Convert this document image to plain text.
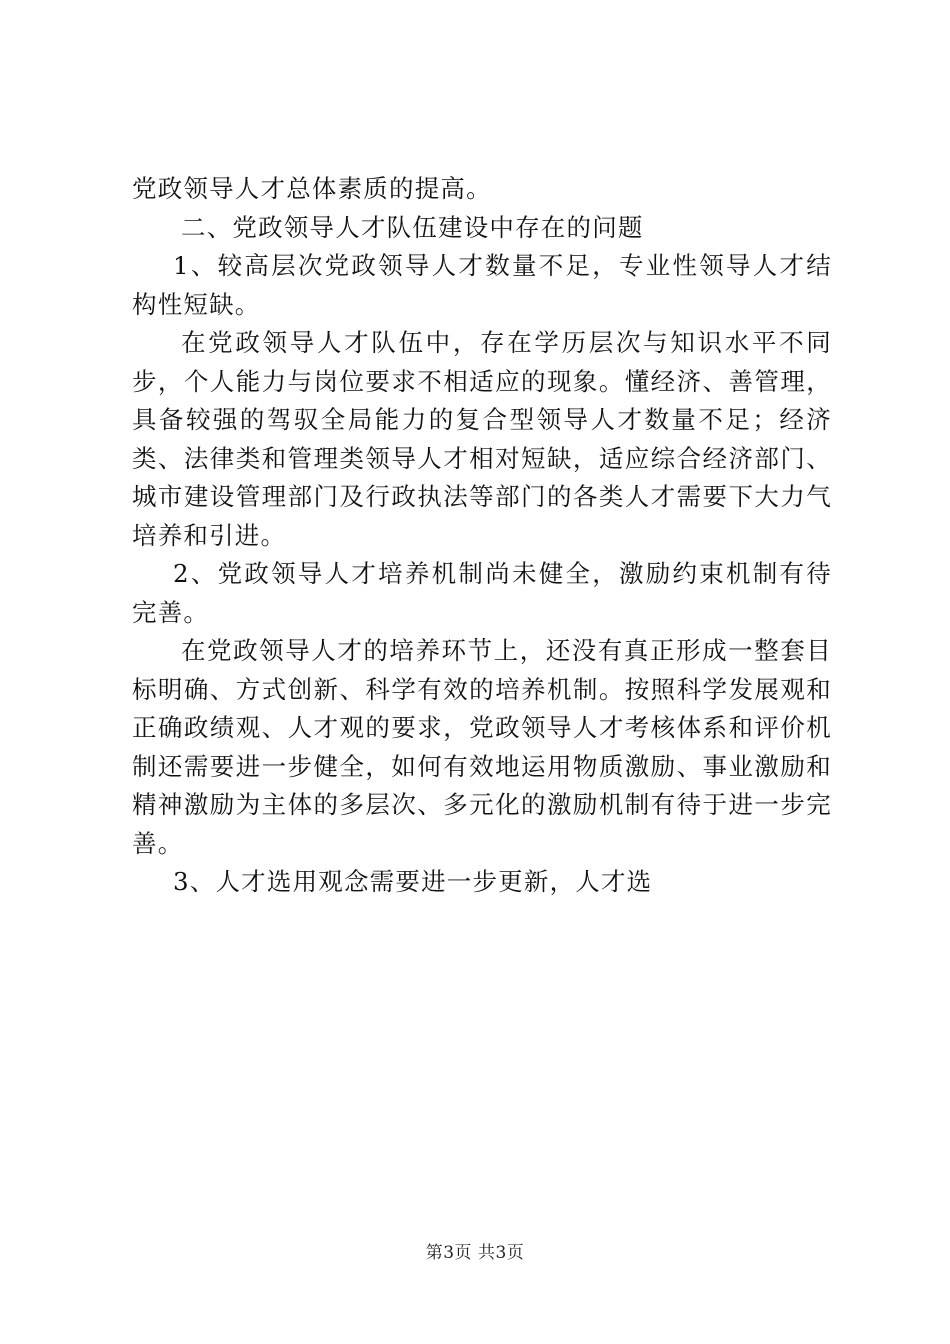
党政领导人才总体素质的提高。

二、党政领导人才队伍建设中存在的问题

1、较高层次党政领导人才数量不足，专业性领导人才结构性短缺。

在党政领导人才队伍中，存在学历层次与知识水平不同步，个人能力与岗位要求不相适应的现象。懂经济、善管理，具备较强的驾驭全局能力的复合型领导人才数量不足；经济类、法律类和管理类领导人才相对短缺，适应综合经济部门、城市建设管理部门及行政执法等部门的各类人才需要下大力气培养和引进。

2、党政领导人才培养机制尚未健全，激励约束机制有待完善。

在党政领导人才的培养环节上，还没有真正形成一整套目标明确、方式创新、科学有效的培养机制。按照科学发展观和正确政绩观、人才观的要求，党政领导人才考核体系和评价机制还需要进一步健全，如何有效地运用物质激励、事业激励和精神激励为主体的多层次、多元化的激励机制有待于进一步完善。

3、人才选用观念需要进一步更新，人才选

第3页 共3页
